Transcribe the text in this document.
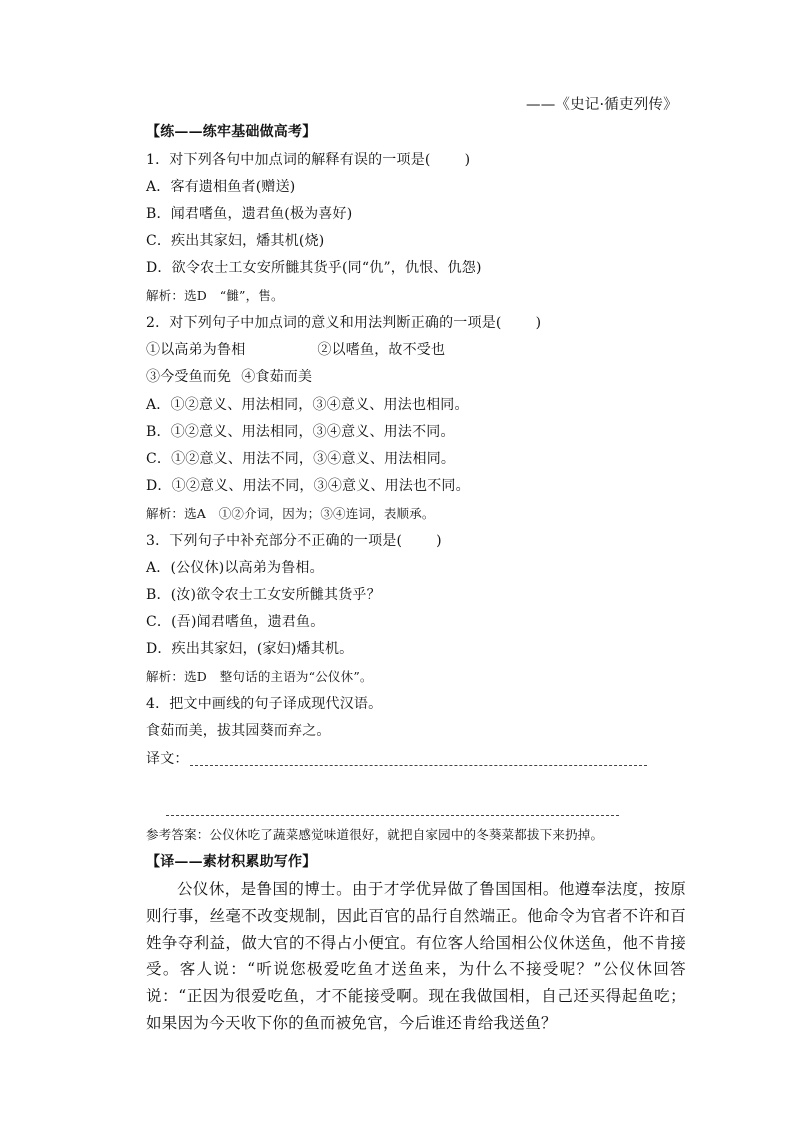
——《史记·循吏列传》
【练——练牢基础做高考】
1．对下列各句中加点词的解释有误的一项是( )
A．客有遗相鱼者(赠送)
B．闻君嗜鱼，遗君鱼(极为喜好)
C．疾出其家妇，燔其机(烧)
D．欲令农士工女安所雠其货乎(同“仇”，仇恨、仇怨)
解析：选D　“雠”，售。
2．对下列句子中加点词的意义和用法判断正确的一项是( )
①以高弟为鲁相	②以嗜鱼，故不受也
③今受鱼而免 ④食茹而美
A．①②意义、用法相同，③④意义、用法也相同。
B．①②意义、用法相同，③④意义、用法不同。
C．①②意义、用法不同，③④意义、用法相同。
D．①②意义、用法不同，③④意义、用法也不同。
解析：选A　①②介词，因为；③④连词，表顺承。
3．下列句子中补充部分不正确的一项是( )
A．(公仪休)以高弟为鲁相。
B．(汝)欲令农士工女安所雠其货乎？
C．(吾)闻君嗜鱼，遗君鱼。
D．疾出其家妇，(家妇)燔其机。
解析：选D　整句话的主语为“公仪休”。
4．把文中画线的句子译成现代汉语。
食茹而美，拔其园葵而弃之。
译文：
参考答案：公仪休吃了蔬菜感觉味道很好，就把自家园中的冬葵菜都拔下来扔掉。
【译——素材积累助写作】
公仪休，是鲁国的博士。由于才学优异做了鲁国国相。他遵奉法度，按原则行事，丝毫不改变规制，因此百官的品行自然端正。他命令为官者不许和百姓争夺利益，做大官的不得占小便宜。有位客人给国相公仪休送鱼，他不肯接受。客人说：“听说您极爱吃鱼才送鱼来，为什么不接受呢？”公仪休回答说：“正因为很爱吃鱼，才不能接受啊。现在我做国相，自己还买得起鱼吃；如果因为今天收下你的鱼而被免官，今后谁还肯给我送鱼？
